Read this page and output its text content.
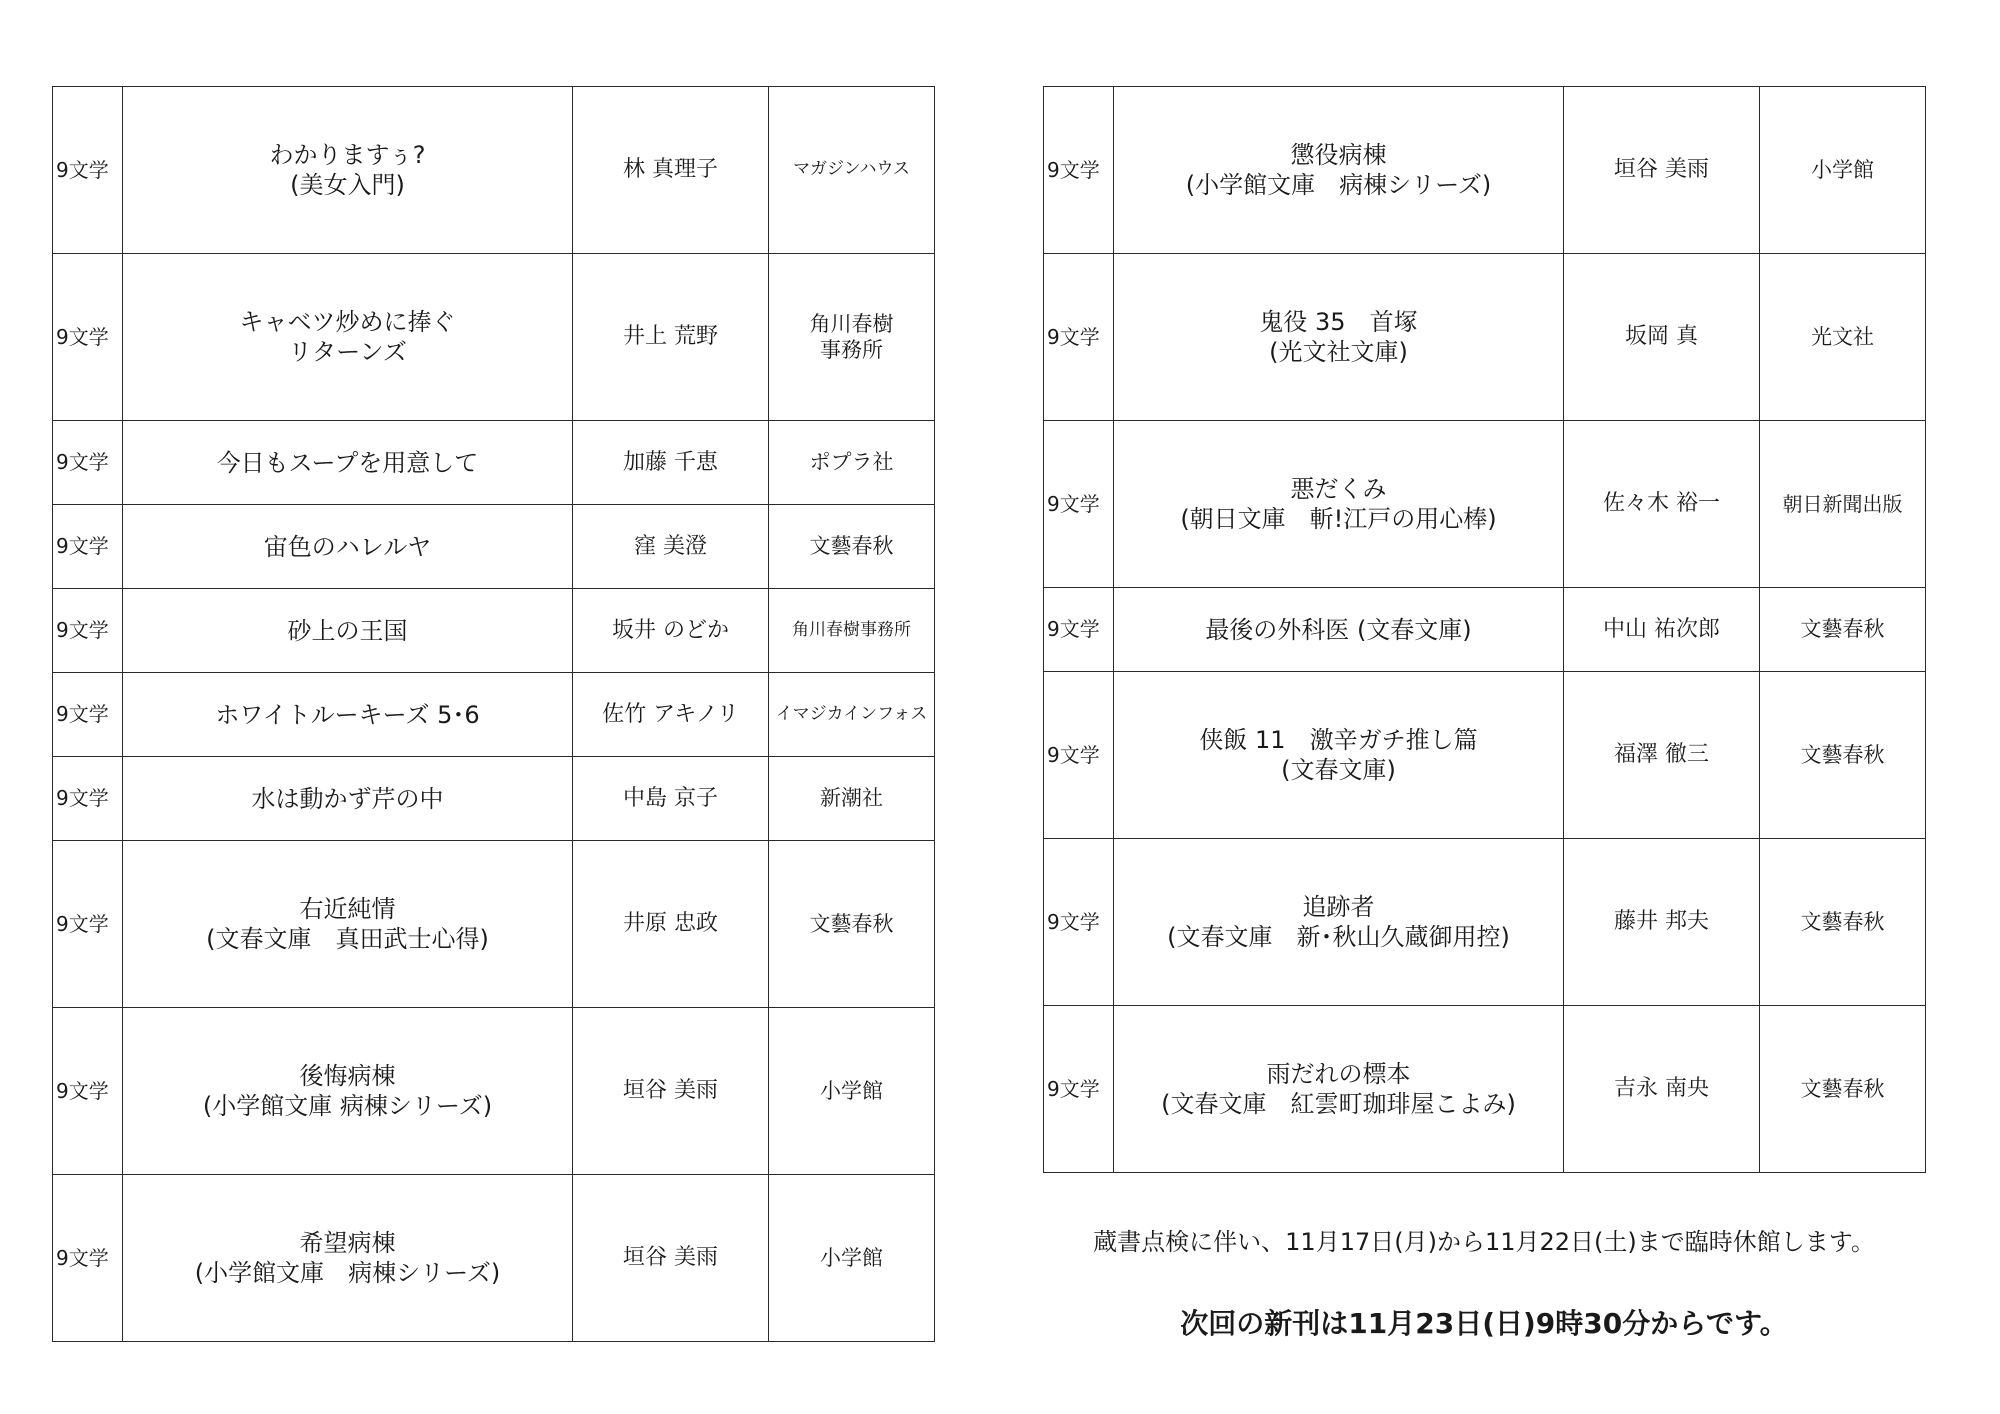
9文学	わかりますぅ?
(美女入門)	林 真理子	マガジンハウス
9文学	キャベツ炒めに捧ぐ
リターンズ	井上 荒野	角川春樹
事務所
9文学	今日もスープを用意して	加藤 千恵	ポプラ社
9文学	宙色のハレルヤ	窪 美澄	文藝春秋
9文学	砂上の王国	坂井 のどか	角川春樹事務所
9文学	ホワイトルーキーズ 5･6	佐竹 アキノリ	イマジカインフォス
9文学	水は動かず芹の中	中島 京子	新潮社
9文学	右近純情
(文春文庫　真田武士心得)	井原 忠政	文藝春秋
9文学	後悔病棟
(小学館文庫 病棟シリーズ)	垣谷 美雨	小学館
9文学	希望病棟
(小学館文庫　病棟シリーズ)	垣谷 美雨	小学館
9文学	懲役病棟
(小学館文庫　病棟シリーズ)	垣谷 美雨	小学館
9文学	鬼役 35　首塚
(光文社文庫)	坂岡 真	光文社
9文学	悪だくみ
(朝日文庫　斬!江戸の用心棒)	佐々木 裕一	朝日新聞出版
9文学	最後の外科医 (文春文庫)	中山 祐次郎	文藝春秋
9文学	侠飯 11　激辛ガチ推し篇
(文春文庫)	福澤 徹三	文藝春秋
9文学	追跡者
(文春文庫　新･秋山久蔵御用控)	藤井 邦夫	文藝春秋
9文学	雨だれの標本
(文春文庫　紅雲町珈琲屋こよみ)	吉永 南央	文藝春秋
蔵書点検に伴い、11月17日(月)から11月22日(土)まで臨時休館します。
次回の新刊は11月23日(日)9時30分からです。
